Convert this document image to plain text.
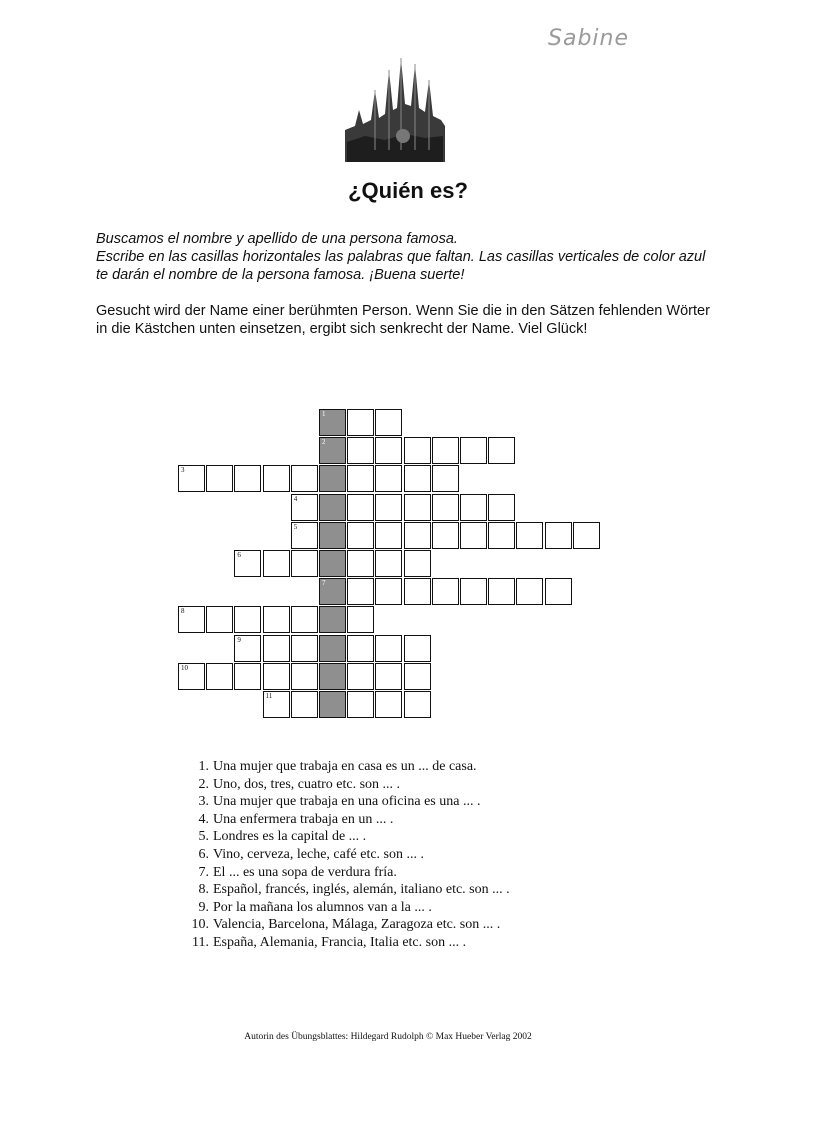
Sabine
¿Quién es?
Buscamos el nombre y apellido de una persona famosa.
Escribe en las casillas horizontales las palabras que faltan. Las casillas verticales de color azul te darán el nombre de la persona famosa. ¡Buena suerte!
Gesucht wird der Name einer berühmten Person. Wenn Sie die in den Sätzen fehlenden Wörter in die Kästchen unten einsetzen, ergibt sich senkrecht der Name. Viel Glück!
1
2
3
4
5
6
7
8
9
10
11
1. Una mujer que trabaja en casa es un ... de casa.
2. Uno, dos, tres, cuatro etc. son ... .
3. Una mujer que trabaja en una oficina es una ... .
4. Una enfermera trabaja en un ... .
5. Londres es la capital de ... .
6. Vino, cerveza, leche, café etc. son ... .
7. El ... es una sopa de verdura fría.
8. Español, francés, inglés, alemán, italiano etc. son ... .
9. Por la mañana los alumnos van a la ... .
10. Valencia, Barcelona, Málaga, Zaragoza etc. son ... .
11. España, Alemania, Francia, Italia etc. son ... .
Autorin des Übungsblattes: Hildegard Rudolph © Max Hueber Verlag 2002
